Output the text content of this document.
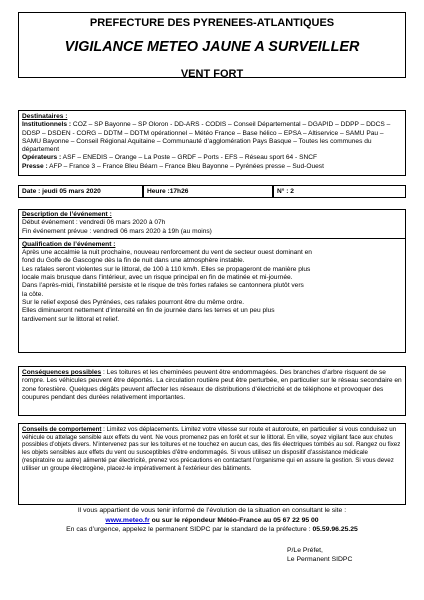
PREFECTURE DES PYRENEES-ATLANTIQUES
VIGILANCE METEO JAUNE A SURVEILLER
VENT FORT

Destinataires :

Institutionnels : COZ – SP Bayonne – SP Oloron - DD-ARS - CODIS – Conseil Départemental – DGAPID – DDPP – DDCS – DDSP – DSDEN - CORG – DDTM – DDTM opérationnel – Météo France – Base hélico – EPSA – Altiservice – SAMU Pau – SAMU Bayonne – Conseil Régional Aquitaine – Communauté d’agglomération Pays Basque – Toutes les communes du département

Opérateurs : ASF – ENEDIS – Orange – La Poste – GRDF – Ports - EFS – Réseau sport 64 - SNCF

Presse : AFP – France 3 – France Bleu Béarn – France Bleu Bayonne – Pyrénées presse – Sud-Ouest

Date : jeudi 05 mars 2020	Heure :17h26	N° : 2

Description de l’événement :

Début événement : vendredi 06 mars 2020 à 07h

Fin événement prévue : vendredi 06 mars 2020 à 19h (au moins)

Qualification de l’événement :

Après une accalmie la nuit prochaine, nouveau renforcement du vent de secteur ouest dominant en

fond du Golfe de Gascogne dès la fin de nuit dans une atmosphère instable.

Les rafales seront violentes sur le littoral, de 100 à 110 km/h. Elles se propageront de manière plus

locale mais brusque dans l’intérieur, avec un risque principal en fin de matinée et mi-journée.

Dans l’après-midi, l’instabilité persiste et le risque de très fortes rafales se cantonnera plutôt vers

la côte.

Sur le relief exposé des Pyrénées, ces rafales pourront être du même ordre.

Elles diminueront nettement d’intensité en fin de journée dans les terres et un peu plus

tardivement sur le littoral et relief.

Conséquences possibles : Les toitures et les cheminées peuvent être endommagées. Des branches d’arbre risquent de se rompre. Les véhicules peuvent être déportés. La circulation routière peut être perturbée, en particulier sur le réseau secondaire en zone forestière. Quelques dégâts peuvent affecter les réseaux de distributions d’électricité et de téléphone et provoquer des coupures pendant des durées relativement importantes.

Conseils de comportement : Limitez vos déplacements. Limitez votre vitesse sur route et autoroute, en particulier si vous conduisez un véhicule ou attelage sensible aux effets du vent. Ne vous promenez pas en forêt et sur le littoral. En ville, soyez vigilant face aux chutes possibles d’objets divers. N’intervenez pas sur les toitures et ne touchez en aucun cas, des fils électriques tombés au sol. Rangez ou fixez les objets sensibles aux effets du vent ou susceptibles d’être endommagés. Si vous utilisez un dispositif d’assistance médicale (respiratoire ou autre) alimenté par électricité, prenez vos précautions en contactant l’organisme qui en assure la gestion. Si vous devez utiliser un groupe électrogène, placez-le impérativement à l’extérieur des bâtiments.

Il vous appartient de vous tenir informé de l’évolution de la situation en consultant le site :

www.meteo.fr ou sur le répondeur Météo-France au 05 67 22 95 00

En cas d’urgence, appelez le permanent SIDPC par le standard de la préfecture : 05.59.96.25.25

P/Le Préfet,

Le Permanent SIDPC
